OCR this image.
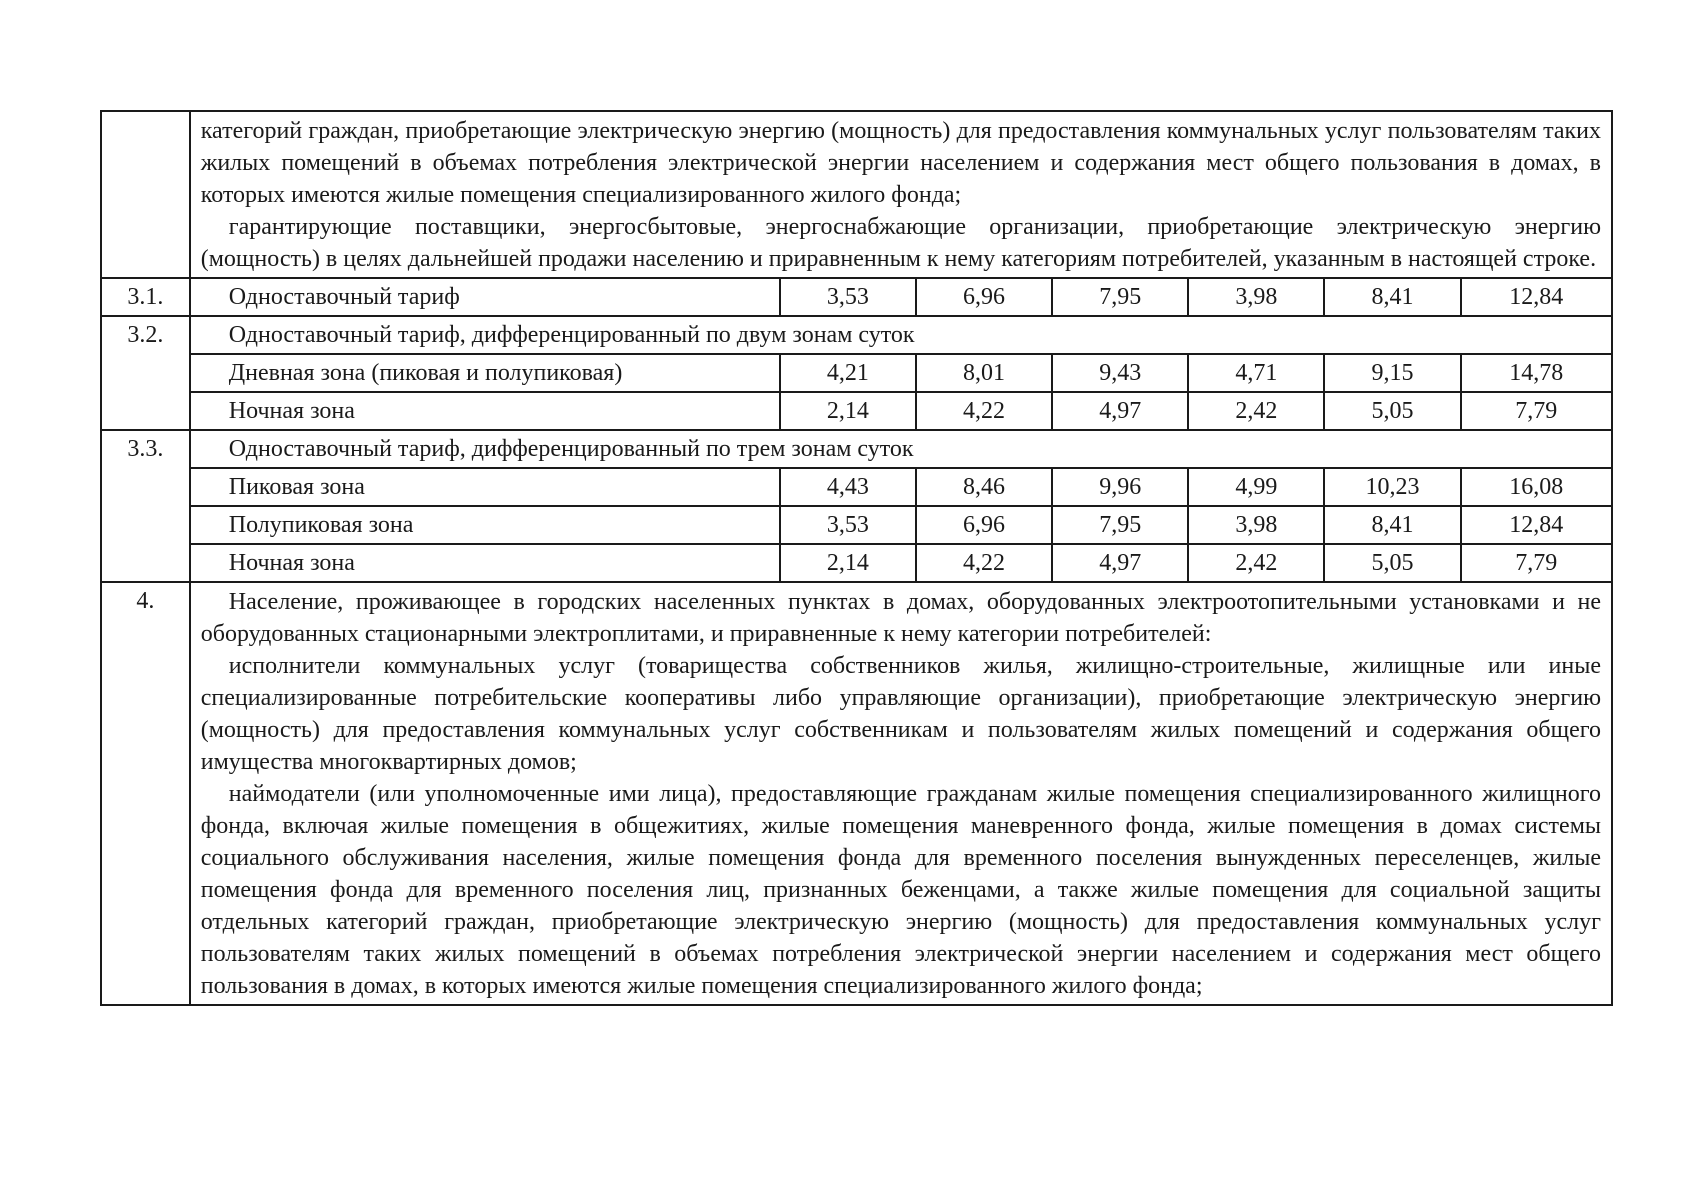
	категорий граждан, приобретающие электрическую энергию (мощность) для предоставления коммунальных услуг пользователям таких жилых помещений в объемах потребления электрической энергии населением и содержания мест общего пользования в домах, в которых имеются жилые помещения специализированного жилого фонда;

гарантирующие поставщики, энергосбытовые, энергоснабжающие организации, приобретающие электрическую энергию (мощность) в целях дальнейшей продажи населению и приравненным к нему категориям потребителей, указанным в настоящей строке.						

3.1.	Одноставочный тариф	3,53	6,96	7,95	3,98	8,41	12,84
3.2.	Одноставочный тариф, дифференцированный по двум зонам суток						
	Дневная зона (пиковая и полупиковая)	4,21	8,01	9,43	4,71	9,15	14,78
	Ночная зона	2,14	4,22	4,97	2,42	5,05	7,79
3.3.	Одноставочный тариф, дифференцированный по трем зонам суток						
	Пиковая зона	4,43	8,46	9,96	4,99	10,23	16,08
	Полупиковая зона	3,53	6,96	7,95	3,98	8,41	12,84
	Ночная зона	2,14	4,22	4,97	2,42	5,05	7,79
4.	Население, проживающее в городских населенных пунктах в домах, оборудованных электроотопительными установками и не оборудованных стационарными электроплитами, и приравненные к нему категории потребителей:

исполнители коммунальных услуг (товарищества собственников жилья, жилищно-строительные, жилищные или иные специализированные потребительские кооперативы либо управляющие организации), приобретающие электрическую энергию (мощность) для предоставления коммунальных услуг собственникам и пользователям жилых помещений и содержания общего имущества многоквартирных домов;

наймодатели (или уполномоченные ими лица), предоставляющие гражданам жилые помещения специализированного жилищного фонда, включая жилые помещения в общежитиях, жилые помещения маневренного фонда, жилые помещения в домах системы социального обслуживания населения, жилые помещения фонда для временного поселения вынужденных переселенцев, жилые помещения фонда для временного поселения лиц, признанных беженцами, а также жилые помещения для социальной защиты отдельных категорий граждан, приобретающие электрическую энергию (мощность) для предоставления коммунальных услуг пользователям таких жилых помещений в объемах потребления электрической энергии населением и содержания мест общего пользования в домах, в которых имеются жилые помещения специализированного жилого фонда;						
